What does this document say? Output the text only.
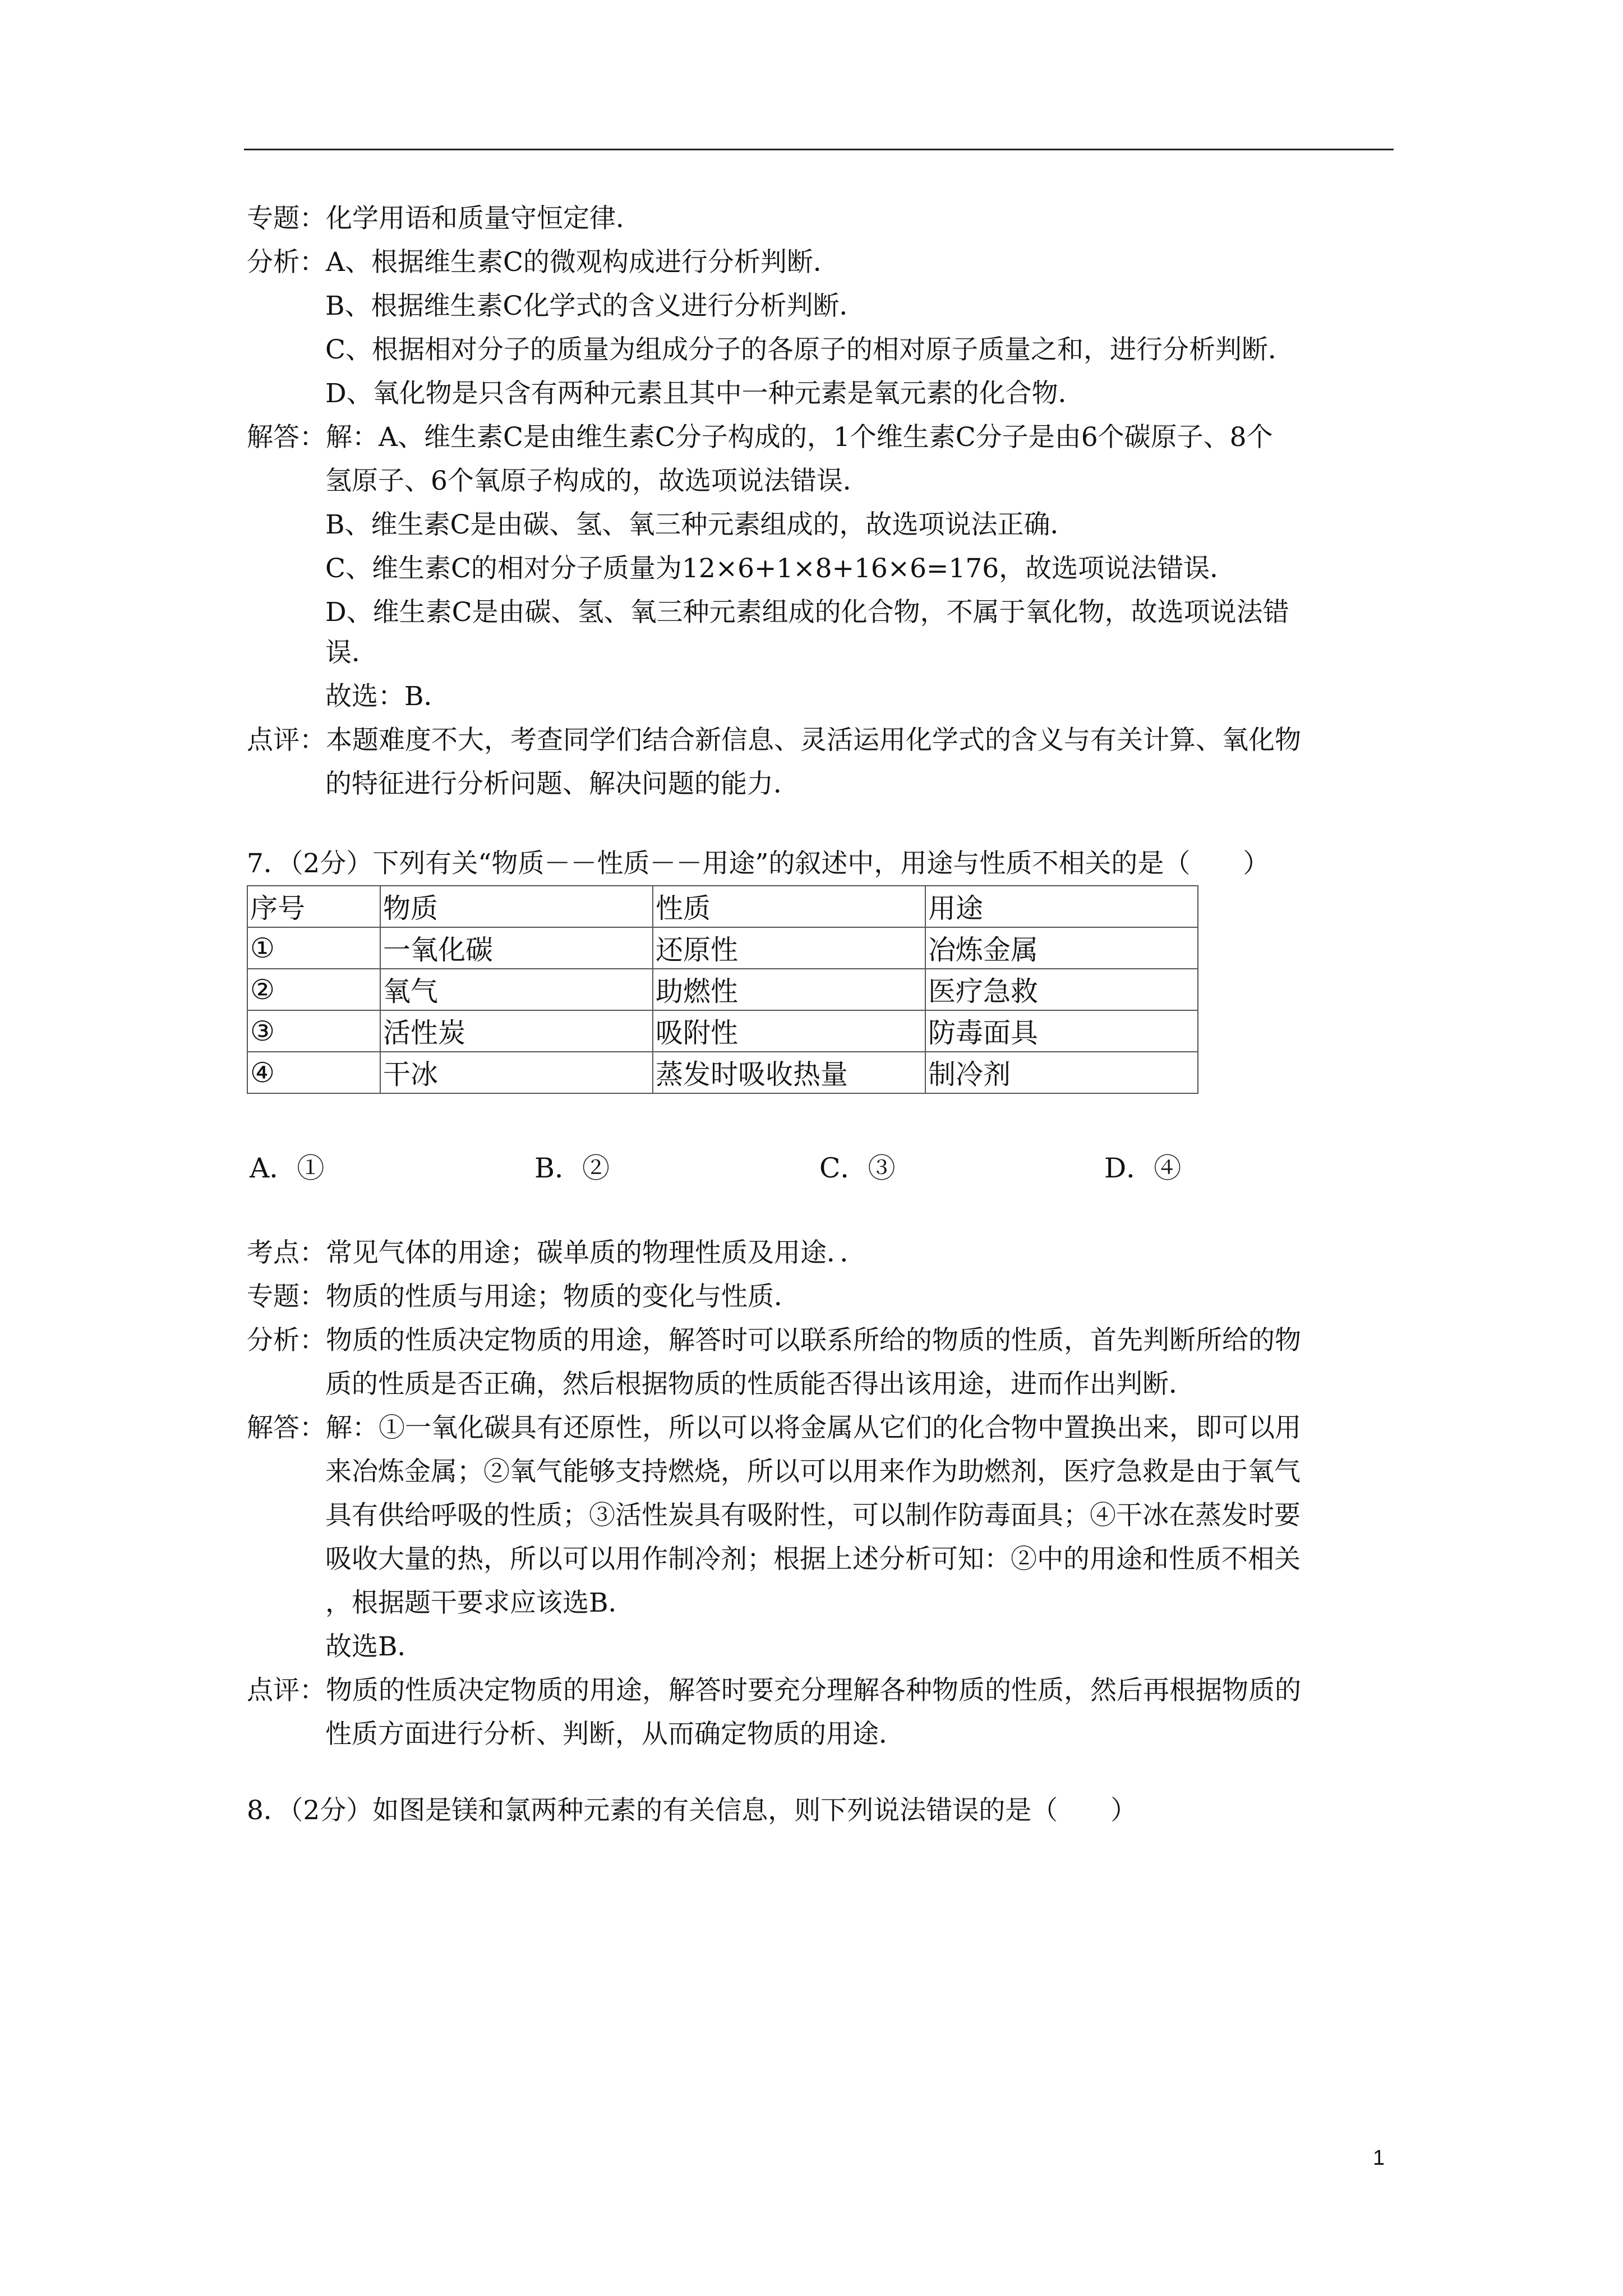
专题：化学用语和质量守恒定律．
分析：A、根据维生素C的微观构成进行分析判断．
B、根据维生素C化学式的含义进行分析判断．
C、根据相对分子的质量为组成分子的各原子的相对原子质量之和，进行分析判断．
D、氧化物是只含有两种元素且其中一种元素是氧元素的化合物．
解答：解：A、维生素C是由维生素C分子构成的，1个维生素C分子是由6个碳原子、8个
氢原子、6个氧原子构成的，故选项说法错误．
B、维生素C是由碳、氢、氧三种元素组成的，故选项说法正确．
C、维生素C的相对分子质量为12×6+1×8+16×6=176，故选项说法错误．
D、维生素C是由碳、氢、氧三种元素组成的化合物，不属于氧化物，故选项说法错
误．
故选：B．
点评：本题难度不大，考查同学们结合新信息、灵活运用化学式的含义与有关计算、氧化物
的特征进行分析问题、解决问题的能力．
7．（2分）下列有关“物质－－性质－－用途”的叙述中，用途与性质不相关的是（　　）
序号	物质	性质	用途
①	一氧化碳	还原性	冶炼金属
②	氧气	助燃性	医疗急救
③	活性炭	吸附性	防毒面具
④	干冰	蒸发时吸收热量	制冷剂
A．①	B．②	C．③	D．④
考点：常见气体的用途；碳单质的物理性质及用途．．
专题：物质的性质与用途；物质的变化与性质．
分析：物质的性质决定物质的用途，解答时可以联系所给的物质的性质，首先判断所给的物
质的性质是否正确，然后根据物质的性质能否得出该用途，进而作出判断．
解答：解：①一氧化碳具有还原性，所以可以将金属从它们的化合物中置换出来，即可以用
来冶炼金属；②氧气能够支持燃烧，所以可以用来作为助燃剂，医疗急救是由于氧气
具有供给呼吸的性质；③活性炭具有吸附性，可以制作防毒面具；④干冰在蒸发时要
吸收大量的热，所以可以用作制冷剂；根据上述分析可知：②中的用途和性质不相关
，根据题干要求应该选B．
故选B．
点评：物质的性质决定物质的用途，解答时要充分理解各种物质的性质，然后再根据物质的
性质方面进行分析、判断，从而确定物质的用途．
8．（2分）如图是镁和氯两种元素的有关信息，则下列说法错误的是（　　）
1
